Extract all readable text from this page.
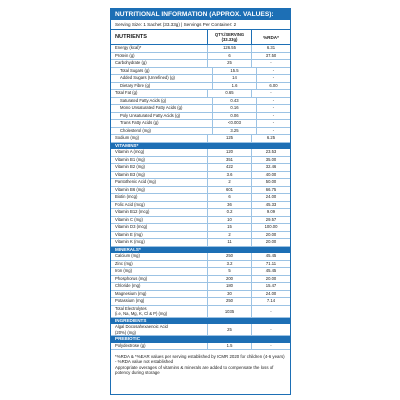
NUTRITIONAL INFORMATION (APPROX. VALUES):
Serving Size: 1 Sachet (33.33g) | Servings Per Container: 2
NUTRIENTS	QTY./SERVING (33.33g)	%RDA*
Energy (kcal)*	126.55	6.31
Protein (g)	6	37.50
Carbohydrate (g)	25	-
Total Sugars (g)	15.5	-
Added Sugars (Unrefined) (g)	14	-
Dietary Fibre (g)	1.6	6.00
Total Fat (g)	0.65	-
Saturated Fatty Acids (g)	0.43	-
Mono Unsaturated Fatty Acids (g)	0.16	-
Poly Unsaturated Fatty Acids (g)	0.06	-
Trans Fatty Acids (g)	<0.003	-
Cholesterol (mg)	3.25	-
Sodium (mg)	125	6.25
VITAMINS*
Vitamin A (mcg)	120	23.53
Vitamin B1 (mg)	351	35.00
Vitamin B2 (mg)	422	32.46
Vitamin B3 (mg)	3.6	40.00
Pantothenic Acid (mg)	2	50.00
Vitamin B6 (mg)	601	66.75
Biotin (mcg)	6	24.00
Folic Acid (mcg)	36	45.33
Vitamin B12 (mcg)	0.2	9.09
Vitamin C (mg)	10	29.57
Vitamin D3 (mcg)	15	100.00
Vitamin E (mg)	2	20.00
Vitamin K (mcg)	11	20.00
MINERALS*
Calcium (mg)	250	45.45
Zinc (mg)	3.2	71.11
Iron (mg)	5	45.45
Phosphorus (mg)	200	20.00
Chloride (mg)	180	15.47
Magnesium (mg)	30	24.00
Potassium (mg)	250	7.14
Total Electrolytes
(i.e, Na, Mg, K, Cl & P) (mg)	1035	-
INGREDIENTS
Algal Docosahexaenoic Acid
(20%) (mg)	25	-
PREBIOTIC
Polydextrose (g)	1.5	-
*%RDA & *%EAR values per serving established by ICMR 2020 for children (4-6 years) - %RDA value not established
Appropriate overages of vitamins & minerals are added to compensate the loss of potency during storage
